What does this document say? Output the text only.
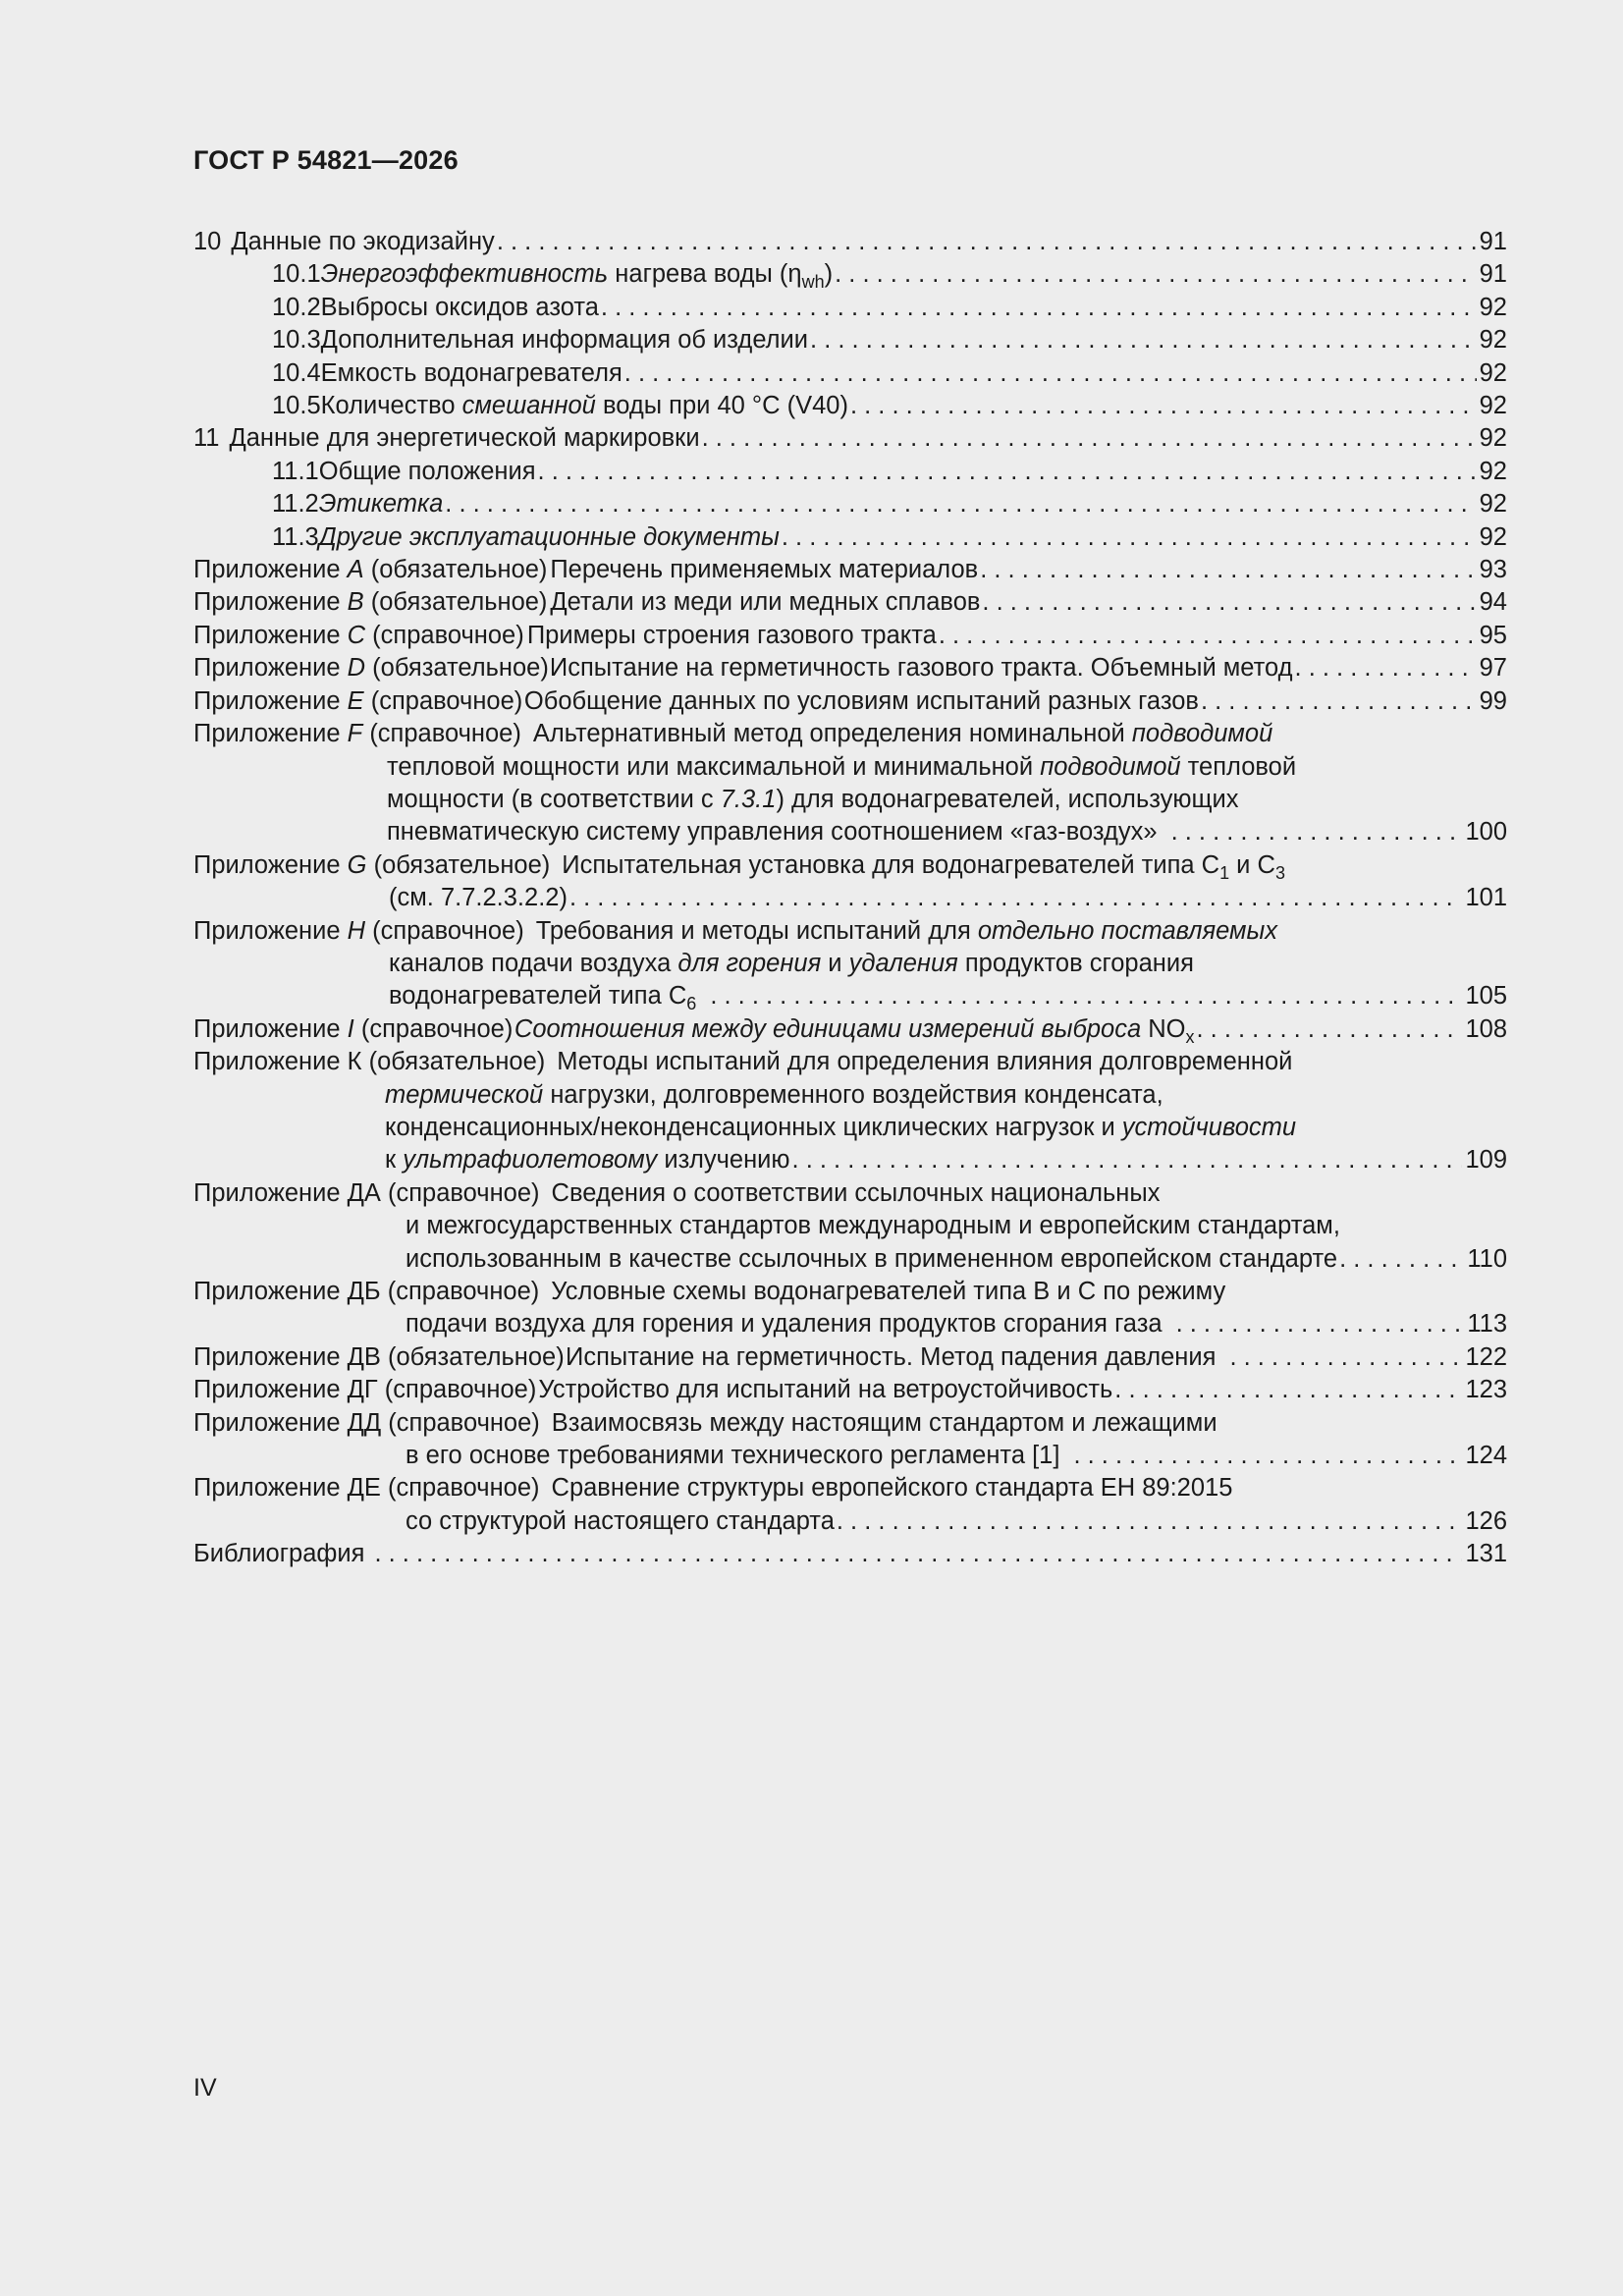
ГОСТ Р 54821—2026
10 Данные по экодизайну . . .	91
10.1 Энергоэффективность нагрева воды $(\eta_{wh})$ . . .	91
10.2 Выбросы оксидов азота . . .	92
10.3 Дополнительная информация об изделии . . .	92
10.4 Емкость водонагревателя . . .	92
10.5 Количество смешанной воды при 40 °C (V40) . . .	92
11 Данные для энергетической маркировки . . .	92
11.1 Общие положения . . .	92
11.2 Этикетка . . .	92
11.3 Другие эксплуатационные документы . . .	92
Приложение A (обязательное) Перечень применяемых материалов . . .	93
Приложение B (обязательное) Детали из меди или медных сплавов . . .	94
Приложение C (справочное) Примеры строения газового тракта . . .	95
Приложение D (обязательное) Испытание на герметичность газового тракта. Объемный метод . . .	97
Приложение E (справочное) Обобщение данных по условиям испытаний разных газов . . .	99
Приложение F (справочное) Альтернативный метод определения номинальной подводимой
тепловой мощности или максимальной и минимальной подводимой тепловой
мощности (в соответствии с 7.3.1) для водонагревателей, использующих
пневматическую систему управления соотношением «газ-воздух» . . .	100
Приложение G (обязательное) Испытательная установка для водонагревателей типа $C_1$ и $C_3$
(см. 7.7.2.3.2.2) . . .	101
Приложение H (справочное) Требования и методы испытаний для отдельно поставляемых
каналов подачи воздуха для горения и удаления продуктов сгорания
водонагревателей типа $C_6$ . . .	105
Приложение I (справочное) Соотношения между единицами измерений выброса $NO_x$ . . .	108
Приложение К (обязательное) Методы испытаний для определения влияния долговременной
термической нагрузки, долговременного воздействия конденсата,
конденсационных/неконденсационных циклических нагрузок и устойчивости
к ультрафиолетовому излучению . . .	109
Приложение ДА (справочное) Сведения о соответствии ссылочных национальных
и межгосударственных стандартов международным и европейским стандартам,
использованным в качестве ссылочных в примененном европейском стандарте . . .	110
Приложение ДБ (справочное) Условные схемы водонагревателей типа B и C по режиму
подачи воздуха для горения и удаления продуктов сгорания газа . . .	113
Приложение ДВ (обязательное) Испытание на герметичность. Метод падения давления . . .	122
Приложение ДГ (справочное) Устройство для испытаний на ветроустойчивость . . .	123
Приложение ДД (справочное) Взаимосвязь между настоящим стандартом и лежащими
в его основе требованиями технического регламента [1] . . .	124
Приложение ДЕ (справочное) Сравнение структуры европейского стандарта ЕН 89:2015
со структурой настоящего стандарта . . .	126
Библиография . . .	131
IV
